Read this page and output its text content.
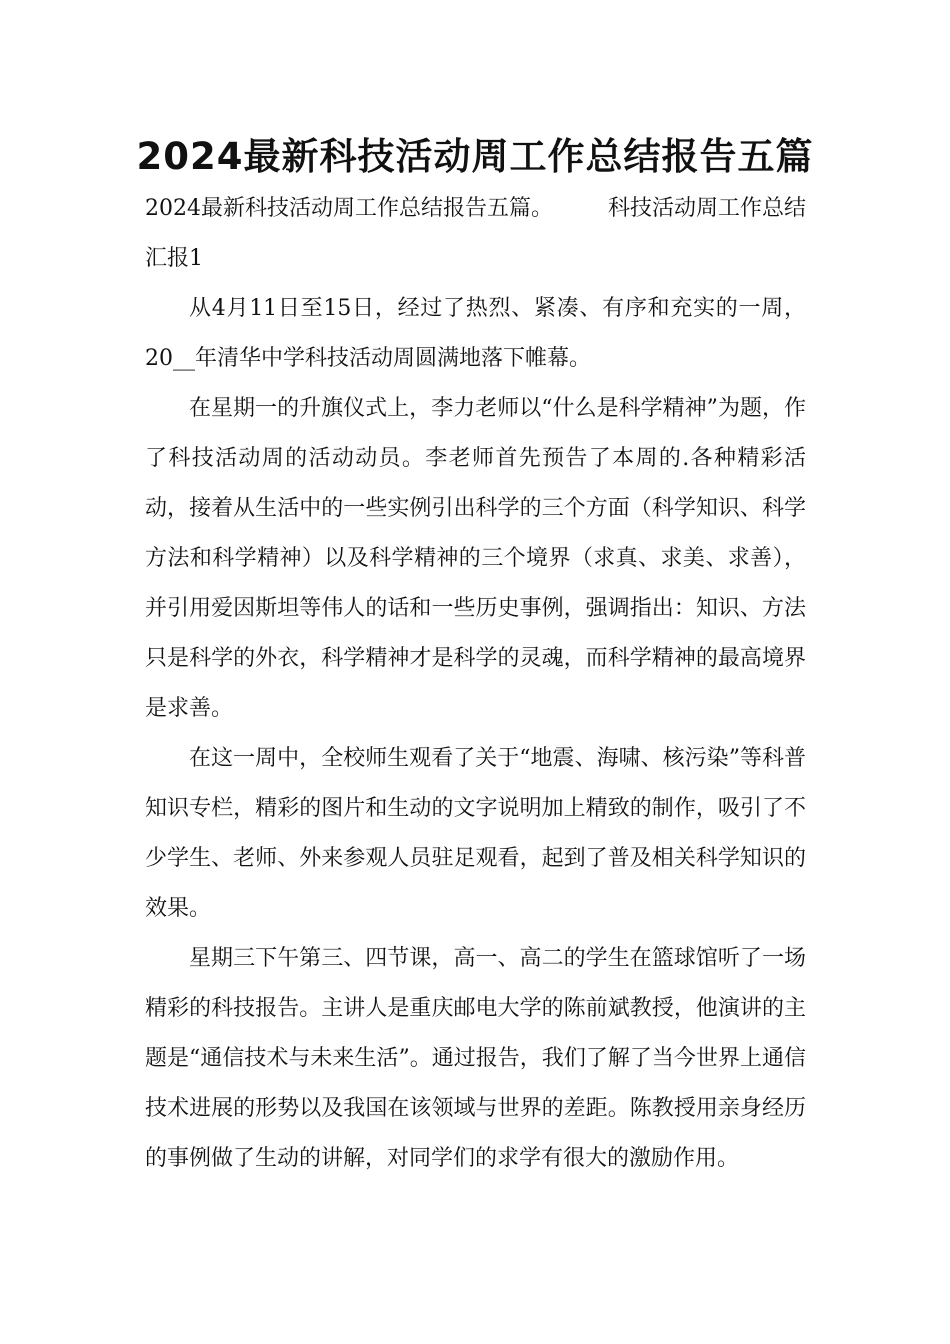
2024最新科技活动周工作总结报告五篇
2024最新科技活动周工作总结报告五篇。 科技活动周工作总结

汇报1

从4月11日至15日，经过了热烈、紧凑、有序和充实的一周，20__年清华中学科技活动周圆满地落下帷幕。

在星期一的升旗仪式上，李力老师以“什么是科学精神”为题，作了科技活动周的活动动员。李老师首先预告了本周的.各种精彩活动，接着从生活中的一些实例引出科学的三个方面（科学知识、科学方法和科学精神）以及科学精神的三个境界（求真、求美、求善），并引用爱因斯坦等伟人的话和一些历史事例，强调指出：知识、方法只是科学的外衣，科学精神才是科学的灵魂，而科学精神的最高境界是求善。

在这一周中，全校师生观看了关于“地震、海啸、核污染”等科普知识专栏，精彩的图片和生动的文字说明加上精致的制作，吸引了不少学生、老师、外来参观人员驻足观看，起到了普及相关科学知识的效果。

星期三下午第三、四节课，高一、高二的学生在篮球馆听了一场精彩的科技报告。主讲人是重庆邮电大学的陈前斌教授，他演讲的主题是“通信技术与未来生活”。通过报告，我们了解了当今世界上通信技术进展的形势以及我国在该领域与世界的差距。陈教授用亲身经历的事例做了生动的讲解，对同学们的求学有很大的激励作用。
